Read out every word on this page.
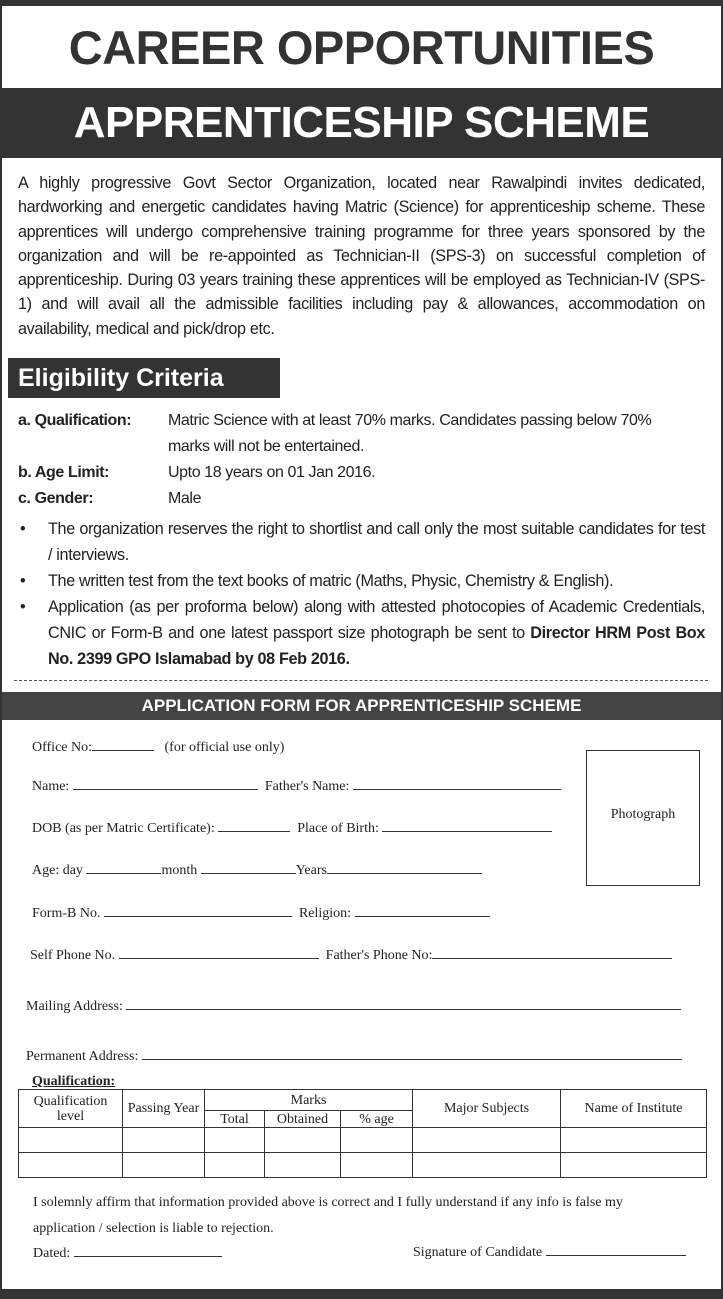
CAREER OPPORTUNITIES
APPRENTICESHIP SCHEME
A highly progressive Govt Sector Organization, located near Rawalpindi invites dedicated, hardworking and energetic candidates having Matric (Science) for apprenticeship scheme. These apprentices will undergo comprehensive training programme for three years sponsored by the organization and will be re-appointed as Technician-II (SPS-3) on successful completion of apprenticeship. During 03 years training these apprentices will be employed as Technician-IV (SPS-1) and will avail all the admissible facilities including pay & allowances, accommodation on availability, medical and pick/drop etc.
Eligibility Criteria
a. Qualification:	Matric Science with at least 70% marks. Candidates passing below 70%
marks will not be entertained.
b. Age Limit:	Upto 18 years on 01 Jan 2016.
c. Gender:	Male
• The organization reserves the right to shortlist and call only the most suitable candidates for test / interviews.
• The written test from the text books of matric (Maths, Physic, Chemistry & English).
• Application (as per proforma below) along with attested photocopies of Academic Credentials, CNIC or Form-B and one latest passport size photograph be sent to Director HRM Post Box No. 2399 GPO Islamabad by 08 Feb 2016.
APPLICATION FORM FOR APPRENTICESHIP SCHEME
Office No:	(for official use only)
Name:	Father's Name:
DOB (as per Matric Certificate):	Place of Birth:
Age: day	month	Years
Form-B No.	Religion:
Self Phone No.	Father's Phone No:
Mailing Address:
Permanent Address:
Photograph
Qualification:
Qualification level	Passing Year	Marks			Major Subjects	Name of Institute
		Total	Obtained	% age		

I solemnly affirm that information provided above is correct and I fully understand if any info is false my
application / selection is liable to rejection.
Dated:	Signature of Candidate
